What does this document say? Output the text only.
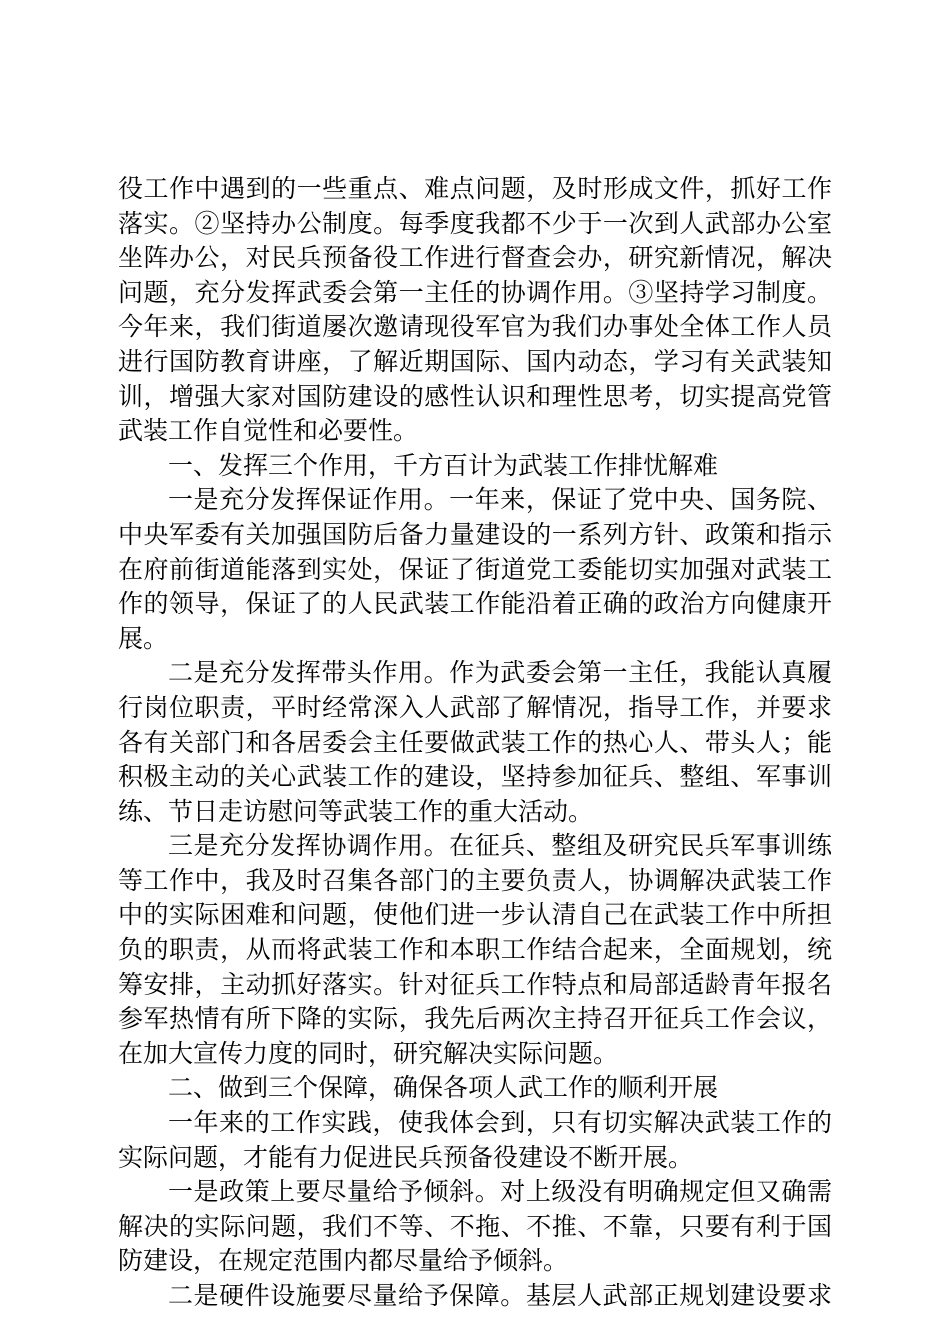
役工作中遇到的一些重点、难点问题，及时形成文件，抓好工作落实。②坚持办公制度。每季度我都不少于一次到人武部办公室坐阵办公，对民兵预备役工作进行督查会办，研究新情况，解决问题，充分发挥武委会第一主任的协调作用。③坚持学习制度。今年来，我们街道屡次邀请现役军官为我们办事处全体工作人员进行国防教育讲座，了解近期国际、国内动态，学习有关武装知训，增强大家对国防建设的感性认识和理性思考，切实提高党管武装工作自觉性和必要性。

一、发挥三个作用，千方百计为武装工作排忧解难

一是充分发挥保证作用。一年来，保证了党中央、国务院、中央军委有关加强国防后备力量建设的一系列方针、政策和指示在府前街道能落到实处，保证了街道党工委能切实加强对武装工作的领导，保证了的人民武装工作能沿着正确的政治方向健康开展。

二是充分发挥带头作用。作为武委会第一主任，我能认真履行岗位职责，平时经常深入人武部了解情况，指导工作，并要求各有关部门和各居委会主任要做武装工作的热心人、带头人；能积极主动的关心武装工作的建设，坚持参加征兵、整组、军事训练、节日走访慰问等武装工作的重大活动。

三是充分发挥协调作用。在征兵、整组及研究民兵军事训练等工作中，我及时召集各部门的主要负责人，协调解决武装工作中的实际困难和问题，使他们进一步认清自己在武装工作中所担负的职责，从而将武装工作和本职工作结合起来，全面规划，统筹安排，主动抓好落实。针对征兵工作特点和局部适龄青年报名参军热情有所下降的实际，我先后两次主持召开征兵工作会议，在加大宣传力度的同时，研究解决实际问题。

二、做到三个保障，确保各项人武工作的顺利开展

一年来的工作实践，使我体会到，只有切实解决武装工作的实际问题，才能有力促进民兵预备役建设不断开展。

一是政策上要尽量给予倾斜。对上级没有明确规定但又确需解决的实际问题，我们不等、不拖、不推、不靠，只要有利于国防建设，在规定范围内都尽量给予倾斜。

二是硬件设施要尽量给予保障。基层人武部正规划建设要求
